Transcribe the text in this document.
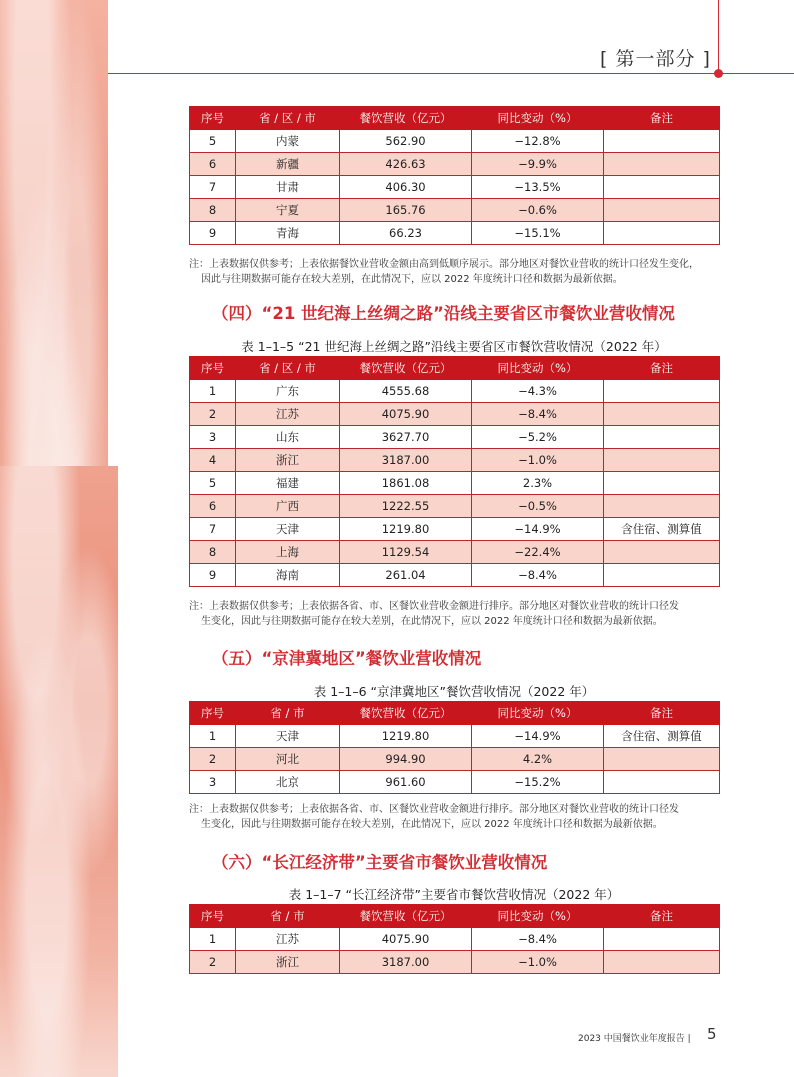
[ 第一部分 ]
序号	省 / 区 / 市	餐饮营收（亿元）	同比变动（%）	备注
5	内蒙	562.90	−12.8%	
6	新疆	426.63	−9.9%	
7	甘肃	406.30	−13.5%	
8	宁夏	165.76	−0.6%	
9	青海	66.23	−15.1%	
注：上表数据仅供参考；上表依据餐饮业营收金额由高到低顺序展示。部分地区对餐饮业营收的统计口径发生变化，
因此与往期数据可能存在较大差别，在此情况下，应以 2022 年度统计口径和数据为最新依据。
（四）“21 世纪海上丝绸之路”沿线主要省区市餐饮业营收情况
表 1–1–5 “21 世纪海上丝绸之路”沿线主要省区市餐饮营收情况（2022 年）
序号	省 / 区 / 市	餐饮营收（亿元）	同比变动（%）	备注
1	广东	4555.68	−4.3%	
2	江苏	4075.90	−8.4%	
3	山东	3627.70	−5.2%	
4	浙江	3187.00	−1.0%	
5	福建	1861.08	2.3%	
6	广西	1222.55	−0.5%	
7	天津	1219.80	−14.9%	含住宿、测算值
8	上海	1129.54	−22.4%	
9	海南	261.04	−8.4%	
注：上表数据仅供参考；上表依据各省、市、区餐饮业营收金额进行排序。部分地区对餐饮业营收的统计口径发
生变化，因此与往期数据可能存在较大差别，在此情况下，应以 2022 年度统计口径和数据为最新依据。
（五）“京津冀地区”餐饮业营收情况
表 1–1–6 “京津冀地区”餐饮营收情况（2022 年）
序号	省 / 市	餐饮营收（亿元）	同比变动（%）	备注
1	天津	1219.80	−14.9%	含住宿、测算值
2	河北	994.90	4.2%	
3	北京	961.60	−15.2%	
注：上表数据仅供参考；上表依据各省、市、区餐饮业营收金额进行排序。部分地区对餐饮业营收的统计口径发
生变化，因此与往期数据可能存在较大差别，在此情况下，应以 2022 年度统计口径和数据为最新依据。
（六）“长江经济带”主要省市餐饮业营收情况
表 1–1–7 “长江经济带”主要省市餐饮营收情况（2022 年）
序号	省 / 市	餐饮营收（亿元）	同比变动（%）	备注
1	江苏	4075.90	−8.4%	
2	浙江	3187.00	−1.0%	
2023 中国餐饮业年度报告 | 5
